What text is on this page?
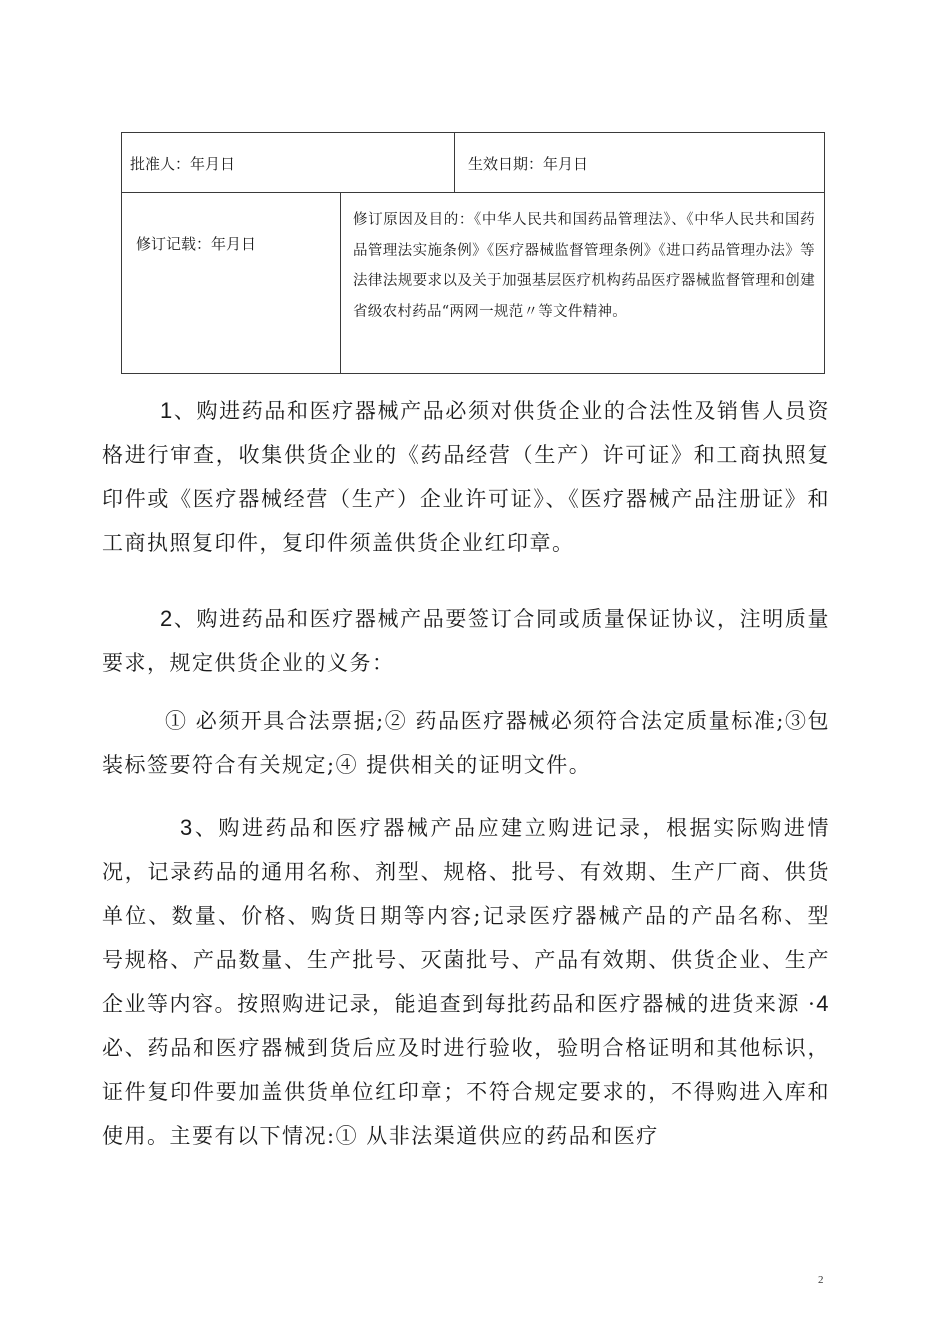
批准人：年月日	生效日期：年月日
修订记载：年月日
修订原因及目的：《中华人民共和国药品管理法》、《中华人民共和国药品管理法实施条例》《医疗器械监督管理条例》《进口药品管理办法》等法律法规要求以及关于加强基层医疗机构药品医疗器械监督管理和创建省级农村药品“两网一规范〃等文件精神。

1、购进药品和医疗器械产品必须对供货企业的合法性及销售人员资格进行审查，收集供货企业的《药品经营（生产）许可证》和工商执照复印件或《医疗器械经营（生产）企业许可证》、《医疗器械产品注册证》和工商执照复印件，复印件须盖供货企业红印章。

2、购进药品和医疗器械产品要签订合同或质量保证协议，注明质量要求，规定供货企业的义务：

① 必须开具合法票据;② 药品医疗器械必须符合法定质量标准;③包装标签要符合有关规定;④ 提供相关的证明文件。

3、购进药品和医疗器械产品应建立购进记录，根据实际购进情况，记录药品的通用名称、剂型、规格、批号、有效期、生产厂商、供货单位、数量、价格、购货日期等内容;记录医疗器械产品的产品名称、型号规格、产品数量、生产批号、灭菌批号、产品有效期、供货企业、生产企业等内容。按照购进记录，能追查到每批药品和医疗器械的进货来源 ·4必、药品和医疗器械到货后应及时进行验收，验明合格证明和其他标识，证件复印件要加盖供货单位红印章；不符合规定要求的，不得购进入库和使用。主要有以下情况:① 从非法渠道供应的药品和医疗

2
